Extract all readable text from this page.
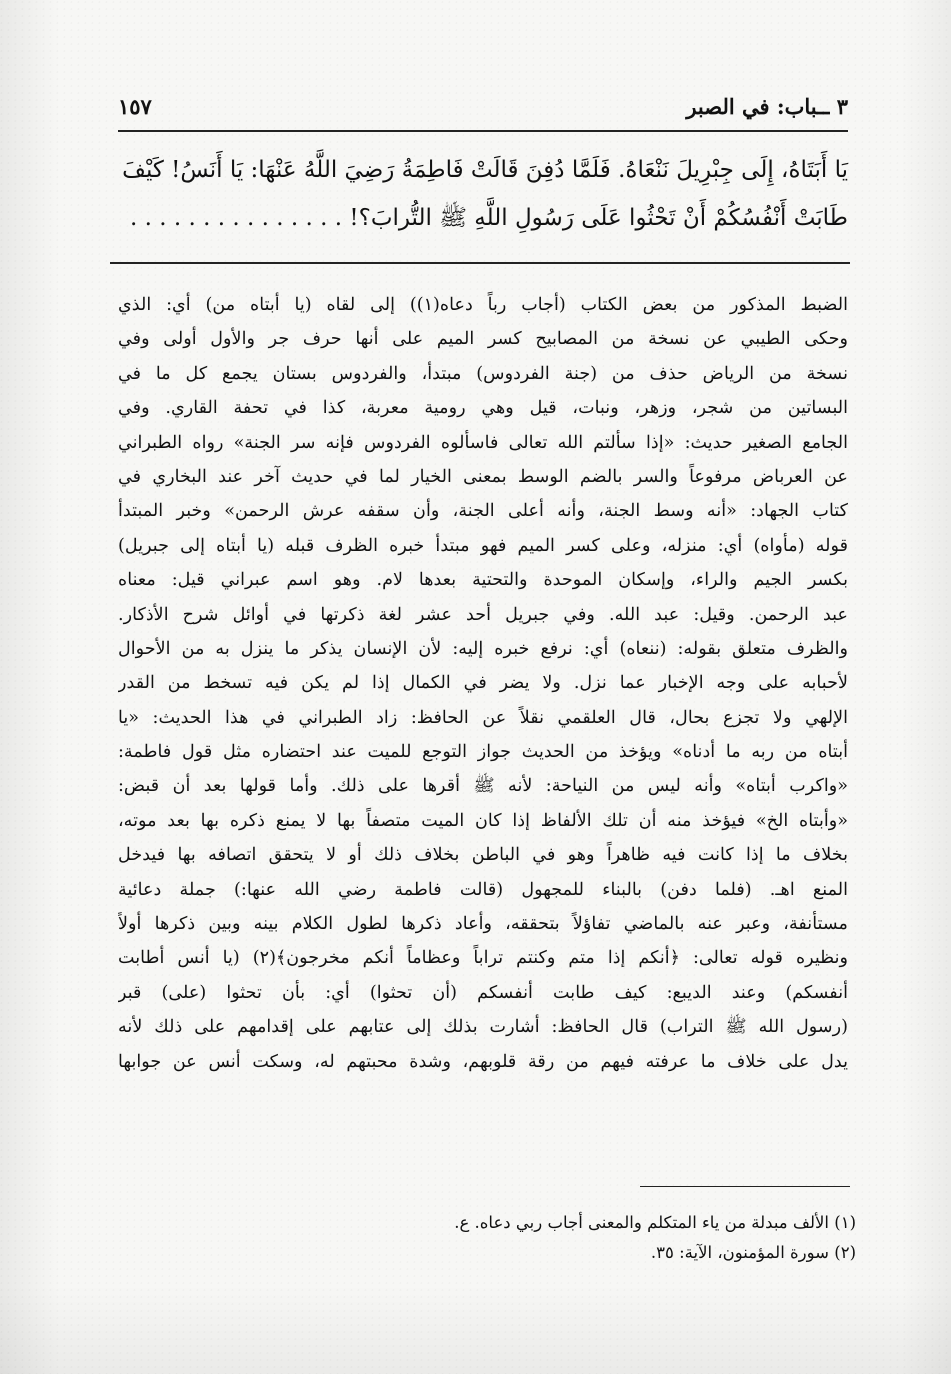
٣ ــباب: في الصبر
١٥٧
يَا أَبَتَاهُ، إِلَى جِبْرِيلَ نَنْعَاهُ. فَلَمَّا دُفِنَ قَالَتْ فَاطِمَةُ رَضِيَ اللَّهُ عَنْهَا: يَا أَنَسُ! كَيْفَ
طَابَتْ أَنْفُسُكُمْ أَنْ تَحْثُوا عَلَى رَسُولِ اللَّهِ ﷺ التُّرابَ؟! . . . . . . . . . . . . . . .
الضبط المذكور من بعض الكتاب (أجاب رباً دعاه(١)) إلى لقاه (يا أبتاه من) أي: الذي
وحكى الطيبي عن نسخة من المصابيح كسر الميم على أنها حرف جر والأول أولى وفي
نسخة من الرياض حذف من (جنة الفردوس) مبتدأ، والفردوس بستان يجمع كل ما في
البساتين من شجر، وزهر، ونبات، قيل وهي رومية معربة، كذا في تحفة القاري. وفي
الجامع الصغير حديث: «إذا سألتم الله تعالى فاسألوه الفردوس فإنه سر الجنة» رواه الطبراني
عن العرباض مرفوعاً والسر بالضم الوسط بمعنى الخيار لما في حديث آخر عند البخاري في
كتاب الجهاد: «أنه وسط الجنة، وأنه أعلى الجنة، وأن سقفه عرش الرحمن» وخبر المبتدأ
قوله (مأواه) أي: منزله، وعلى كسر الميم فهو مبتدأ خبره الظرف قبله (يا أبتاه إلى جبريل)
بكسر الجيم والراء، وإسكان الموحدة والتحتية بعدها لام. وهو اسم عبراني قيل: معناه
عبد الرحمن. وقيل: عبد الله. وفي جبريل أحد عشر لغة ذكرتها في أوائل شرح الأذكار.
والظرف متعلق بقوله: (ننعاه) أي: نرفع خبره إليه: لأن الإنسان يذكر ما ينزل به من الأحوال
لأحبابه على وجه الإخبار عما نزل. ولا يضر في الكمال إذا لم يكن فيه تسخط من القدر
الإلهي ولا تجزع بحال، قال العلقمي نقلاً عن الحافظ: زاد الطبراني في هذا الحديث: «يا
أبتاه من ربه ما أدناه» ويؤخذ من الحديث جواز التوجع للميت عند احتضاره مثل قول فاطمة:
«واكرب أبتاه» وأنه ليس من النياحة: لأنه ﷺ أقرها على ذلك. وأما قولها بعد أن قبض:
«وأبتاه الخ» فيؤخذ منه أن تلك الألفاظ إذا كان الميت متصفاً بها لا يمنع ذكره بها بعد موته،
بخلاف ما إذا كانت فيه ظاهراً وهو في الباطن بخلاف ذلك أو لا يتحقق اتصافه بها فيدخل
المنع اهـ. (فلما دفن) بالبناء للمجهول (قالت فاطمة رضي الله عنها:) جملة دعائية
مستأنفة، وعبر عنه بالماضي تفاؤلاً بتحققه، وأعاد ذكرها لطول الكلام بينه وبين ذكرها أولاً
ونظيره قوله تعالى: ﴿أنكم إذا متم وكنتم تراباً وعظاماً أنكم مخرجون﴾(٢) (يا أنس أطابت
أنفسكم) وعند الديبع: كيف طابت أنفسكم (أن تحثوا) أي: بأن تحثوا (على) قبر
(رسول الله ﷺ التراب) قال الحافظ: أشارت بذلك إلى عتابهم على إقدامهم على ذلك لأنه
يدل على خلاف ما عرفته فيهم من رقة قلوبهم، وشدة محبتهم له، وسكت أنس عن جوابها
(١) الألف مبدلة من ياء المتكلم والمعنى أجاب ربي دعاه. ع.
(٢) سورة المؤمنون، الآية: ٣٥.
